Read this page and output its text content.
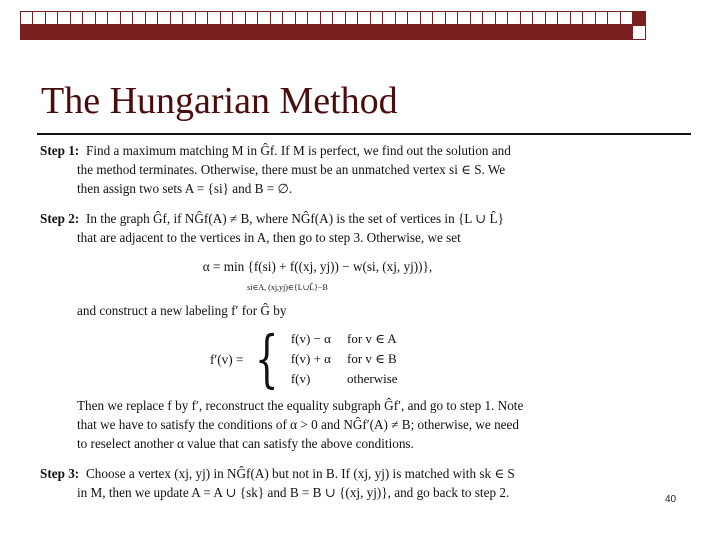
The Hungarian Method
Step 1: Find a maximum matching M in Ĝf. If M is perfect, we find out the solution and
the method terminates. Otherwise, there must be an unmatched vertex si ∈ S. We
then assign two sets A = {si} and B = ∅.
Step 2: In the graph Ĝf, if NĜf(A) ≠ B, where NĜf(A) is the set of vertices in {L ∪ L̂}
that are adjacent to the vertices in A, then go to step 3. Otherwise, we set
α = min {f(si) + f((xj, yj)) − w(si, (xj, yj))},
si∈A, (xj,yj)∈{L∪L̂}−B
and construct a new labeling f′ for Ĝ by
f′(v) = { f(v) − α	for v ∈ A
f(v) + α	for v ∈ B
f(v)	otherwise
Then we replace f by f′, reconstruct the equality subgraph Ĝf′, and go to step 1. Note
that we have to satisfy the conditions of α > 0 and NĜf′(A) ≠ B; otherwise, we need
to reselect another α value that can satisfy the above conditions.
Step 3: Choose a vertex (xj, yj) in NĜf(A) but not in B. If (xj, yj) is matched with sk ∈ S
in M, then we update A = A ∪ {sk} and B = B ∪ {(xj, yj)}, and go back to step 2.	40
